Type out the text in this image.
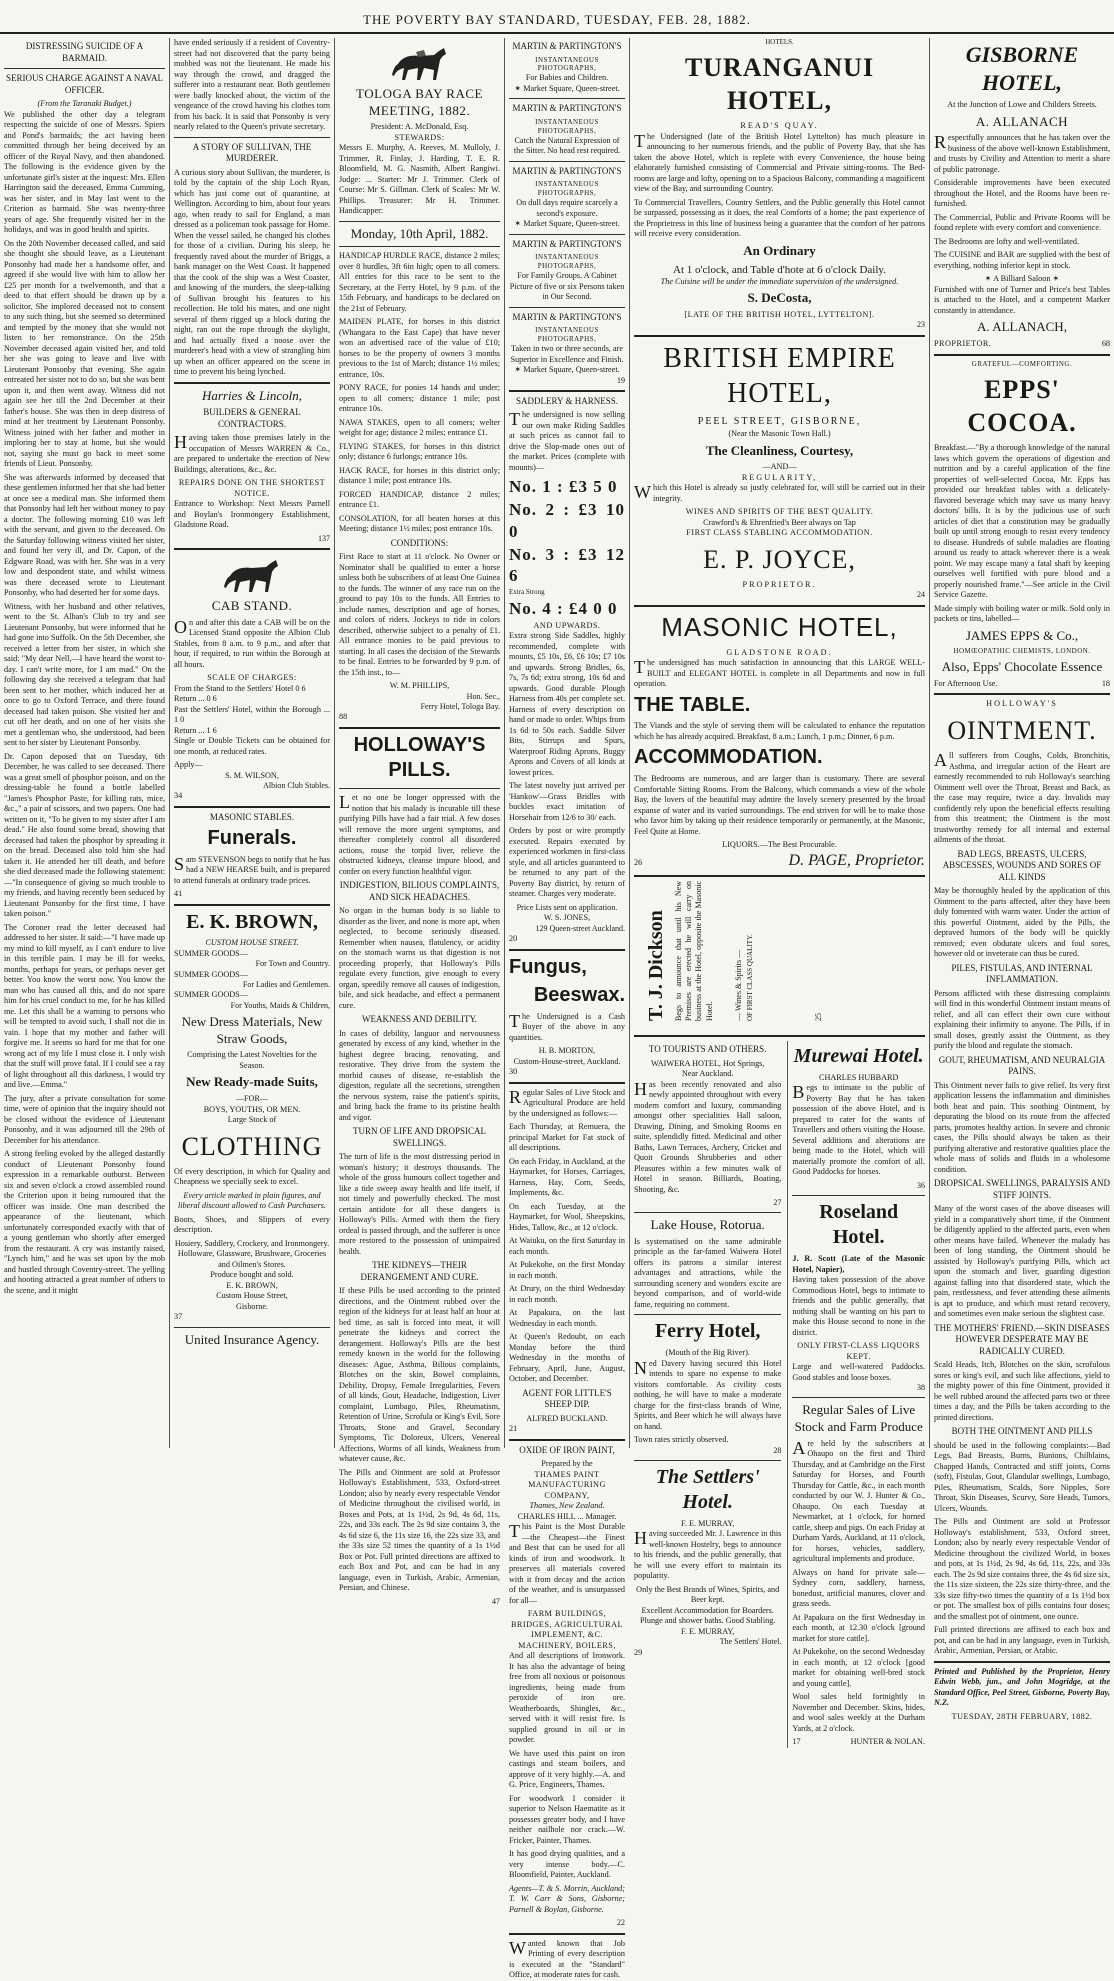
THE POVERTY BAY STANDARD, TUESDAY, FEB. 28, 1882.
DISTRESSING SUICIDE OF A BARMAID.
SERIOUS CHARGE AGAINST A NAVAL OFFICER.
(From the Taranaki Budget.)

We published the other day a telegram respecting the suicide of one of Messrs. Spiers and Pond's barmaids; the act having been committed through her being deceived by an officer of the Royal Navy, and then abandoned. The following is the evidence given by the unfortunate girl's sister at the inquest: Mrs. Ellen Harrington said the deceased, Emma Cumming, was her sister, and in May last went to the Criterion as barmaid. She was twenty-three years of age. She frequently visited her in the holidays, and was in good health and spirits.

On the 20th November deceased called, and said she thought she should leave, as a Lieutenant Ponsonby had made her a handsome offer, and agreed if she would live with him to allow her £25 per month for a twelvemonth, and that a deed to that effect should be drawn up by a solicitor. She implored deceased not to consent to any such thing, but she seemed so determined and tempted by the money that she would not listen to her remonstrance. On the 25th November deceased again visited her, and told her she was going to leave and live with Lieutenant Ponsonby that evening. She again entreated her sister not to do so, but she was bent upon it, and then went away. Witness did not again see her till the 2nd December at their father's house. She was then in deep distress of mind at her treatment by Lieutenant Ponsonby. Witness joined with her father and mother in imploring her to stay at home, but she would not, saying she must go back to meet some friends of Lieut. Ponsonby.

She was afterwards informed by deceased that these gentlemen informed her that she had better at once see a medical man. She informed them that Ponsonby had left her without money to pay a doctor. The following morning £10 was left with the servant, and given to the deceased. On the Saturday following witness visited her sister, and found her very ill, and Dr. Capon, of the Edgware Road, was with her. She was in a very low and despondent state, and whilst witness was there deceased wrote to Lieutenant Ponsonby, who had deserted her for some days.

Witness, with her husband and other relatives, went to the St. Alban's Club to try and see Lieutenant Ponsonby, but were informed that he had gone into Suffolk. On the 5th December, she received a letter from her sister, in which she said: "My dear Nell,—I have heard the worst to-day. I can't write more, for I am mad." On the following day she received a telegram that had been sent to her mother, which induced her at once to go to Oxford Terrace, and there found deceased had taken poison. She visited her and cut off her death, and on one of her visits she met a gentleman who, she understood, had been sent to her sister by Lieutenant Ponsonby.

Dr. Capon deposed that on Tuesday, 6th December, he was called to see deceased. There was a great smell of phosphor poison, and on the dressing-table he found a bottle labelled "James's Phosphor Paste, for killing rats, mice, &c.," a pair of scissors, and two papers. One had written on it, "To be given to my sister after I am dead." He also found some bread, showing that deceased had taken the phosphor by spreading it on the bread. Deceased also told him she had taken it. He attended her till death, and before she died deceased made the following statement:—"In consequence of giving so much trouble to my friends, and having recently been seduced by Lieutenant Ponsonby for the first time, I have taken poison."

The Coroner read the letter deceased had addressed to her sister. It said:—"I have made up my mind to kill myself, as I can't endure to live in this terrible pain. I may be ill for weeks, months, perhaps for years, or perhaps never get better. You know the worst now. You know the man who has caused all this, and do not spare him for his cruel conduct to me, for he has killed me. Let this shall be a warning to persons who will be tempted to avoid such, I shall not die in vain. I hope that my mother and father will forgive me. It seems so hard for me that for one wrong act of my life I must close it. I only wish that the stuff will prove fatal. If I could see a ray of light throughout all this darkness, I would try and live.—Emma."

The jury, after a private consultation for some time, were of opinion that the inquiry should not be closed without the evidence of Lieutenant Ponsonby, and it was adjourned till the 29th of December for his attendance.

A strong feeling evoked by the alleged dastardly conduct of Lieutenant Ponsonby found expression in a remarkable outburst. Between six and seven o'clock a crowd assembled round the Criterion upon it being rumoured that the officer was inside. One man described the appearance of the lieutenant, which unfortunately corresponded exactly with that of a young gentleman who shortly after emerged from the restaurant. A cry was instantly raised, "Lynch him," and he was set upon by the mob and hustled through Coventry-street. The yelling and hooting attracted a great number of others to the scene, and it might

have ended seriously if a resident of Coventry-street had not discovered that the party being mobbed was not the lieutenant. He made his way through the crowd, and dragged the sufferer into a restaurant near. Both gentlemen were badly knocked about, the victim of the vengeance of the crowd having his clothes torn from his back. It is said that Ponsonby is very nearly related to the Queen's private secretary.

A STORY OF SULLIVAN, THE MURDERER.

A curious story about Sullivan, the murderer, is told by the captain of the ship Loch Ryan, which has just come out of quarantine, at Wellington. According to him, about four years ago, when ready to sail for England, a man dressed as a policeman took passage for Home. When the vessel sailed, he changed his clothes for those of a civilian. During his sleep, he frequently raved about the murder of Briggs, a bank manager on the West Coast. It happened that the cook of the ship was a West Coaster, and knowing of the murders, the sleep-talking of Sullivan brought his features to his recollection. He told his mates, and one night several of them rigged up a block during the night, ran out the rope through the skylight, and had actually fixed a noose over the murderer's head with a view of strangling him up when an officer appeared on the scene in time to prevent his being lynched.

Harries & Lincoln,
BUILDERS & GENERAL CONTRACTORS.

Having taken those premises lately in the occupation of Messrs WARREN & Co., are prepared to undertake the erection of New Buildings, alterations, &c., &c.

REPAIRS DONE ON THE SHORTEST NOTICE.

Entrance to Workshop: Next Messrs Parnell and Boylan's Ironmongery Establishment, Gladstone Road.

137
CAB STAND.

On and after this date a CAB will be on the Licensed Stand opposite the Albion Club Stables, from 8 a.m. to 9 p.m., and after that hour, if required, to run within the Borough at all hours.

SCALE OF CHARGES:
From the Stand to the Settlers' Hotel 0 6
Return ... 0 6
Past the Settlers' Hotel, within the Borough ... 1 0
Return ... 1 6

Single or Double Tickets can be obtained for one month, at reduced rates.

Apply—
S. M. WILSON,
Albion Club Stables.
34
MASONIC STABLES.
Funerals.

Sam STEVENSON begs to notify that he has had a NEW HEARSE built, and is prepared to attend funerals at ordinary trade prices.

41
E. K. BROWN,
CUSTOM HOUSE STREET.
SUMMER GOODS—
For Town and Country.
SUMMER GOODS—
For Ladies and Gentlemen.
SUMMER GOODS—
For Youths, Maids & Children,
New Dress Materials, New Straw Goods,
Comprising the Latest Novelties for the Season.
New Ready-made Suits,
—FOR—
BOYS, YOUTHS, OR MEN.
Large Stock of
CLOTHING

Of every description, in which for Quality and Cheapness we specially seek to excel.

Every article marked in plain figures, and liberal discount allowed to Cash Purchasers.

Boots, Shoes, and Slippers of every description.

Hosiery, Saddlery, Crockery, and Ironmongery.
Holloware, Glassware, Brushware, Groceries and Oilmen's Stores.
Produce bought and sold.
E. K. BROWN,
Custom House Street,
Gisborne.
37
United Insurance Agency.
TOLOGA BAY RACE MEETING, 1882.
President: A. McDonald, Esq.
STEWARDS:

Messrs E. Murphy, A. Reeves, M. Mulloly, J. Trimmer, R. Finlay, J. Harding, T. E. R. Bloomfield, M. G. Nasmith, Albert Rangiwi. Judge: ... Starter: Mr J. Trimmer. Clerk of Course: Mr S. Gillman. Clerk of Scales: Mr W. Phillips. Treasurer: Mr H. Trimmer. Handicapper:

Monday, 10th April, 1882.

HANDICAP HURDLE RACE, distance 2 miles; over 8 hurdles, 3ft 6in high; open to all comers. All entries for this race to be sent to the Secretary, at the Ferry Hotel, by 9 p.m. of the 15th February, and handicaps to be declared on the 21st of February.

MAIDEN PLATE, for horses in this district (Whangara to the East Cape) that have never won an advertised race of the value of £10; horses to be the property of owners 3 months previous to the 1st of March; distance 1½ miles; entrance, 10s.

PONY RACE, for ponies 14 hands and under; open to all comers; distance 1 mile; post entrance 10s.

NAWA STAKES, open to all comers; welter weight for age; distance 2 miles; entrance £1.

FLYING STAKES, for horses in this district only; distance 6 furlongs; entrance 10s.

HACK RACE, for horses in this district only; distance 1 mile; post entrance 10s.

FORCED HANDICAP, distance 2 miles; entrance £1.

CONSOLATION, for all beaten horses at this Meeting; distance 1½ miles; post entrance 10s.

CONDITIONS:

First Race to start at 11 o'clock. No Owner or Nominator shall be qualified to enter a horse unless both be subscribers of at least One Guinea to the funds. The winner of any race run on the ground to pay 10s to the funds. All Entries to include names, description and age of horses, and colors of riders. Jockeys to ride in colors described, otherwise subject to a penalty of £1. All entrance monies to be paid previous to starting. In all cases the decision of the Stewards to be final. Entries to be forwarded by 9 p.m. of the 15th inst., to—

W. M. PHILLIPS,
Hon. Sec.,
Ferry Hotel, Tologa Bay.
88
HOLLOWAY'S PILLS.

Let no one be longer oppressed with the notion that his malady is incurable till these purifying Pills have had a fair trial. A few doses will remove the more urgent symptoms, and thereafter completely control all disordered actions, rouse the torpid liver, relieve the obstructed kidneys, cleanse impure blood, and confer on every function healthful vigor.

INDIGESTION, BILIOUS COMPLAINTS, AND SICK HEADACHES.

No organ in the human body is so liable to disorder as the liver, and none is more apt, when neglected, to become seriously diseased. Remember when nausea, flatulency, or acidity on the stomach warns us that digestion is not proceeding properly, that Holloway's Pills regulate every function, give enough to every organ, speedily remove all causes of indigestion, bile, and sick headache, and effect a permanent cure.

WEAKNESS AND DEBILITY.

In cases of debility, languor and nervousness generated by excess of any kind, whether in the highest degree bracing, renovating, and restorative. They drive from the system the morbid causes of disease, re-establish the digestion, regulate all the secretions, strengthen the nervous system, raise the patient's spirits, and bring back the frame to its pristine health and vigor.

TURN OF LIFE AND DROPSICAL SWELLINGS.

The turn of life is the most distressing period in woman's history; it destroys thousands. The whole of the gross humours collect together and like a tide sweep away health and life itself, if not timely and powerfully checked. The most certain antidote for all these dangers is Holloway's Pills. Armed with them the fiery ordeal is passed through, and the sufferer is once more restored to the possession of unimpaired health.

THE KIDNEYS—THEIR DERANGEMENT AND CURE.

If these Pills be used according to the printed directions, and the Ointment rubbed over the region of the kidneys for at least half an hour at bed time, as salt is forced into meat, it will penetrate the kidneys and correct the derangement. Holloway's Pills are the best remedy known in the world for the following diseases: Ague, Asthma, Bilious complaints, Blotches on the skin, Bowel complaints, Debility, Dropsy, Female Irregularities, Fevers of all kinds, Gout, Headache, Indigestion, Liver complaint, Lumbago, Piles, Rheumatism, Retention of Urine, Scrofula or King's Evil, Sore Throats, Stone and Gravel, Secondary Symptoms, Tic Doloreux, Ulcers, Venereal Affections, Worms of all kinds, Weakness from whatever cause, &c.

The Pills and Ointment are sold at Professor Holloway's Establishment, 533, Oxford-street London; also by nearly every respectable Vendor of Medicine throughout the civilised world, in Boxes and Pots, at 1s 1½d, 2s 9d, 4s 6d, 11s, 22s, and 33s each. The 2s 9d size contains 3, the 4s 6d size 6, the 11s size 16, the 22s size 33, and the 33s size 52 times the quantity of a 1s 1½d Box or Pot. Full printed directions are affixed to each Box and Pot, and can be had in any language, even in Turkish, Arabic, Armenian, Persian, and Chinese.

47
MARTIN & PARTINGTON'S
INSTANTANEOUS PHOTOGRAPHS,
For Babies and Children.
✶ Market Square, Queen-street.
MARTIN & PARTINGTON'S
INSTANTANEOUS PHOTOGRAPHS,
Catch the Natural Expression of the Sitter. No head rest required.
MARTIN & PARTINGTON'S
INSTANTANEOUS PHOTOGRAPHS,
On dull days require scarcely a second's exposure.
✶ Market Square, Queen-street.
MARTIN & PARTINGTON'S
INSTANTANEOUS PHOTOGRAPHS,
For Family Groups. A Cabinet Picture of five or six Persons taken in Our Second.
MARTIN & PARTINGTON'S
INSTANTANEOUS PHOTOGRAPHS,
Taken in two or three seconds, are Superior in Excellence and Finish.
✶ Market Square, Queen-street.
19
SADDLERY & HARNESS.

The undersigned is now selling our own make Riding Saddles at such prices as cannot fail to drive the Slop-made ones out of the market. Prices (complete with mounts)—

No. 1 : £3 5 0
No. 2 : £3 10 0
No. 3 : £3 12 6
Extra Strong
No. 4 : £4 0 0
AND UPWARDS.

Extra strong Side Saddles, highly recommended, complete with mounts, £5 10s, £6, £6 10s; £7 10s and upwards. Strong Bridles, 6s, 7s, 7s 6d; extra strong, 10s 6d and upwards. Good durable Plough Harness from 40s per complete set. Harness of every description on hand or made to order. Whips from 1s 6d to 50s each. Saddle Silver Bits, Stirrups and Spurs, Waterproof Riding Aprons, Buggy Aprons and Covers of all kinds at lowest prices.

The latest novelty just arrived per 'Hankow'—Grass Bridles with buckles exact imitation of Horsehair from 12/6 to 30/ each.

Orders by post or wire promptly executed. Repairs executed by experienced workmen in first-class style, and all articles guaranteed to be returned to any part of the Poverty Bay district, by return of steamer. Charges very moderate.

Price Lists sent on application.
W. S. JONES,
129 Queen-street Auckland.
20
Fungus,
Beeswax.

The Undersigned is a Cash Buyer of the above in any quantities.

H. B. MORTON,
Custom-House-street, Auckland.
30

Regular Sales of Live Stock and Agricultural Produce are held by the undersigned as follows:—

Each Thursday, at Remuera, the principal Market for Fat stock of all descriptions.

On each Friday, in Auckland, at the Haymarket, for Horses, Carriages, Harness, Hay, Corn, Seeds, Implements, &c.

On each Tuesday, at the Haymarket, for Wool, Sheepskins, Hides, Tallow, &c., at 12 o'clock.

At Waiuku, on the first Saturday in each month.

At Pukekohe, on the first Monday in each month.

At Drury, on the third Wednesday in each month.

At Papakura, on the last Wednesday in each month.

At Queen's Redoubt, on each Monday before the third Wednesday in the months of February, April, June, August, October, and December.

AGENT FOR LITTLE'S SHEEP DIP.
ALFRED BUCKLAND.
21
OXIDE OF IRON PAINT,
Prepared by the
THAMES PAINT MANUFACTURING COMPANY,
Thames, New Zealand.
CHARLES HILL ... Manager.

This Paint is the Most Durable—the Cheapest—the Finest and Best that can be used for all kinds of iron and woodwork. It preserves all materials covered with it from decay and the action of the weather, and is unsurpassed for all—

FARM BUILDINGS, BRIDGES, AGRICULTURAL IMPLEMENT, &C. MACHINERY, BOILERS,

And all descriptions of Ironwork. It has also the advantage of being free from all noxious or poisonous ingredients, being made from peroxide of iron ore. Weatherboards, Shingles, &c., served with it will resist fire. Is supplied ground in oil or in powder.

We have used this paint on iron castings and steam boilers, and approve of it very highly.—A. and G. Price, Engineers, Thames.

For woodwork I consider it superior to Nelson Haematite as it possesses greater body, and I have neither nailhole nor crack.—W. Fricker, Painter, Thames.

It has good drying qualities, and a very intense body.—C. Bloomfield, Painter, Auckland.

Agents—T. & S. Morrin, Auckland; T. W. Carr & Sons, Gisborne; Parnell & Boylan, Gisborne.

22

Wanted known that Job Printing of every description is executed at the "Standard" Office, at moderate rates for cash.

HOTELS.
TURANGANUI HOTEL,
READ'S QUAY.

The Undersigned (late of the British Hotel Lyttelton) has much pleasure in announcing to her numerous friends, and the public of Poverty Bay, that she has taken the above Hotel, which is replete with every Convenience, the house being elaborately furnished consisting of Commercial and Private sitting-rooms. The Bed-rooms are large and lofty, opening on to a Spacious Balcony, commanding a magnificent view of the Bay, and surrounding Country.

To Commercial Travellers, Country Settlers, and the Public generally this Hotel cannot be surpassed, possessing as it does, the real Comforts of a home; the past experience of the Proprietress in this line of business being a guarantee that the comfort of her patrons will receive every consideration.

An Ordinary
At 1 o'clock, and Table d'hote at 6 o'clock Daily.
The Cuisine will be under the immediate supervision of the undersigned.
S. DeCosta,
[LATE OF THE BRITISH HOTEL, LYTTELTON].
23
BRITISH EMPIRE HOTEL,
PEEL STREET, GISBORNE,
(Near the Masonic Town Hall.)
The Cleanliness, Courtesy,
—AND—
REGULARITY,

Which this Hotel is already so justly celebrated for, will still be carried out in their integrity.

WINES AND SPIRITS OF THE BEST QUALITY.
Crawford's & Ehrenfried's Beer always on Tap
FIRST CLASS STABLING ACCOMMODATION.
E. P. JOYCE,
PROPRIETOR.
24
MASONIC HOTEL,
GLADSTONE ROAD.

The undersigned has much satisfaction in announcing that this LARGE WELL-BUILT and ELEGANT HOTEL is complete in all Departments and now in full operation.

THE TABLE.

The Viands and the style of serving them will be calculated to enhance the reputation which he has already acquired. Breakfast, 8 a.m.; Lunch, 1 p.m.; Dinner, 6 p.m.

ACCOMMODATION.

The Bedrooms are numerous, and are larger than is customary. There are several Comfortable Sitting Rooms. From the Balcony, which commands a view of the whole Bay, the lovers of the beautiful may admire the lovely scenery presented by the broad expanse of water and its varied surroundings. The end striven for will be to make those who favor him by taking up their residence temporarily or permanently, at the Masonic, Feel Quite at Home.

LIQUORS.—The Best Procurable.
26	D. PAGE, Proprietor.
T. J. Dickson Begs to announce that until his New Premises are erected he will carry on business at the Hotel, opposite the Masonic Hotel.	— Wines & Spirits — OF FIRST CLASS QUALITY.	25
TO TOURISTS AND OTHERS.
WAIWERA HOTEL, Hot Springs,
Near Auckland.

Has been recently renovated and also newly appointed throughout with every modern comfort and luxury, commanding amongst other specialities Hall saloon, Drawing, Dining, and Smoking Rooms en suite, splendidly fitted. Medicinal and other Baths, Lawn Terraces, Archery, Cricket and Quoit Grounds Shrubberies and other Pleasures within a few minutes walk of Hotel in season. Billiards, Boating, Shooting, &c.

27
Lake House, Rotorua.

Is systematised on the same admirable principle as the far-famed Waiwera Hotel offers its patrons a similar interest advantages and attractions, while the surrounding scenery and wonders excite are beyond comparison, and of world-wide fame, requiring no comment.

Ferry Hotel,
(Mouth of the Big River).

Ned Davery having secured this Hotel intends to spare no expense to make visitors comfortable. As civility costs nothing, he will have to make a moderate charge for the first-class brands of Wine, Spirits, and Beer which he will always have on hand.

Town rates strictly observed.
28
The Settlers' Hotel.
F. E. MURRAY,

Having succeeded Mr. J. Lawrence in this well-known Hostelry, begs to announce to his friends, and the public generally, that he will use every effort to maintain its popularity.

Only the Best Brands of Wines, Spirits, and Beer kept.
Excellent Accommodation for Boarders.
Plunge and shower baths. Good Stabling.
F. E. MURRAY,
The Settlers' Hotel.
29
Murewai Hotel.
CHARLES HUBBARD

Begs to intimate to the public of Poverty Bay that he has taken possession of the above Hotel, and is prepared to cater for the wants of Travellers and others visiting the House. Several additions and alterations are being made to the Hotel, which will materially promote the comfort of all. Good Paddocks for horses.

36
Roseland Hotel.
J. R. Scott (Late of the Masonic Hotel, Napier),

Having taken possession of the above Commodious Hotel, begs to intimate to friends and the public generally, that nothing shall be wanting on his part to make this House second to none in the district.

ONLY FIRST-CLASS LIQUORS KEPT.
Large and well-watered Paddocks. Good stables and loose boxes.
38
Regular Sales of Live Stock and Farm Produce

Are held by the subscribers at Ohaupo on the first and Third Thursday, and at Cambridge on the First Saturday for Horses, and Fourth Thursday for Cattle, &c., in each month conducted by our W. J. Hunter & Co., Ohaupo. On each Tuesday at Newmarket, at 1 o'clock, for horned cattle, sheep and pigs. On each Friday at Durham Yards, Auckland, at 11 o'clock, for horses, vehicles, saddlery, agricultural implements and produce.

Always on hand for private sale—Sydney corn, saddlery, harness, bonedust, artificial manures, clover and grass seeds.

At Papakura on the first Wednesday in each month, at 12.30 o'clock [ground market for store cattle].

At Pukekohe, on the second Wednesday in each month, at 12 o'clock [good market for obtaining well-bred stock and young cattle].

Wool sales held fortnightly in November and December. Skins, hides, and wool sales weekly at the Durham Yards, at 2 o'clock.

17	HUNTER & NOLAN.
GISBORNE HOTEL,
At the Junction of Lowe and Childers Streets.
A. ALLANACH

Respectfully announces that he has taken over the business of the above well-known Establishment, and trusts by Civility and Attention to merit a share of public patronage.

Considerable improvements have been executed throughout the Hotel, and the Rooms have been re-furnished.

The Commercial, Public and Private Rooms will be found replete with every comfort and convenience.

The Bedrooms are lofty and well-ventilated.

The CUISINE and BAR are supplied with the best of everything, nothing inferior kept in stock.

✶ A Billiard Saloon ✶

Furnished with one of Turner and Price's best Tables is attached to the Hotel, and a competent Marker constantly in attendance.

A. ALLANACH,
PROPRIETOR.	68
GRATEFUL—COMFORTING.
EPPS' COCOA.

Breakfast.—"By a thorough knowledge of the natural laws which govern the operations of digestion and nutrition and by a careful application of the fine properties of well-selected Cocoa, Mr. Epps has provided our breakfast tables with a delicately-flavored beverage which may save us many heavy doctors' bills. It is by the judicious use of such articles of diet that a constitution may be gradually built up until strong enough to resist every tendency to disease. Hundreds of subtle maladies are floating around us ready to attack wherever there is a weak point. We may escape many a fatal shaft by keeping ourselves well fortified with pure blood and a properly nourished frame."—See article in the Civil Service Gazette.

Made simply with boiling water or milk. Sold only in packets or tins, labelled—

JAMES EPPS & Co.,
HOMŒOPATHIC CHEMISTS, LONDON.
Also, Epps' Chocolate Essence
For Afternoon Use.	18
HOLLOWAY'S
OINTMENT.

All sufferers from Coughs, Colds, Bronchitis, Asthma, and irregular action of the Heart are earnestly recommended to rub Holloway's searching Ointment well over the Throat, Breast and Back, as the case may require, twice a day. Invalids may confidently rely upon the beneficial effects resulting from this treatment; the Ointment is the most trustworthy remedy for all internal and external ailments of the throat.

BAD LEGS, BREASTS, ULCERS, ABSCESSES, WOUNDS AND SORES OF ALL KINDS

May be thoroughly healed by the application of this Ointment to the parts affected, after they have been duly fomented with warm water. Under the action of this powerful Ointment, aided by the Pills, the depraved humors of the body will be quickly removed; even obdurate ulcers and foul sores, however old or inveterate can thus be cured.

PILES, FISTULAS, AND INTERNAL INFLAMMATION.

Persons afflicted with these distressing complaints will find in this wonderful Ointment instant means of relief, and all can effect their own cure without explaining their infirmity to anyone. The Pills, if in small doses, greatly assist the Ointment, as they purify the blood and regulate the stomach.

GOUT, RHEUMATISM, AND NEURALGIA PAINS.

This Ointment never fails to give relief. Its very first application lessens the inflammation and diminishes both heat and pain. This soothing Ointment, by depurating the blood on its route from the affected parts, promotes healthy action. In severe and chronic cases, the Pills should always be taken as their purifying alterative and restorative qualities place the whole mass of solids and fluids in a wholesome condition.

DROPSICAL SWELLINGS, PARALYSIS AND STIFF JOINTS.

Many of the worst cases of the above diseases will yield in a comparatively short time, if the Ointment be diligently applied to the affected parts, even when other means have failed. Whenever the malady has been of long standing, the Ointment should be assisted by Holloway's purifying Pills, which act upon the stomach and liver, guarding digestion against falling into that disordered state, which the pain, restlessness, and fever attending these ailments is apt to produce, and which must retard recovery, and sometimes even make serious the slightest case.

THE MOTHERS' FRIEND.—SKIN DISEASES HOWEVER DESPERATE MAY BE RADICALLY CURED.

Scald Heads, Itch, Blotches on the skin, scrofulous sores or king's evil, and such like affections, yield to the mighty power of this fine Ointment, provided it be well rubbed around the affected parts two or three times a day, and the Pills be taken according to the printed directions.

BOTH THE OINTMENT AND PILLS

should be used in the following complaints:—Bad Legs, Bad Breasts, Burns, Bunions, Chilblains, Chapped Hands, Contracted and stiff joints, Corns (soft), Fistulas, Gout, Glandular swellings, Lumbago, Piles, Rheumatism, Scalds, Sore Nipples, Sore Throat, Skin Diseases, Scurvy, Sore Heads, Tumors, Ulcers, Wounds.

The Pills and Ointment are sold at Professor Holloway's establishment, 533, Oxford street, London; also by nearly every respectable Vendor of Medicine throughout the civilized World, in boxes and pots, at 1s 1½d, 2s 9d, 4s 6d, 11s, 22s, and 33s each. The 2s 9d size contains three, the 4s 6d size six, the 11s size sixteen, the 22s size thirty-three, and the 33s size fifty-two times the quantity of a 1s 1½d box or pot. The smallest box of pills contains four doses; and the smallest pot of ointment, one ounce.

Full printed directions are affixed to each box and pot, and can be had in any language, even in Turkish, Arabic, Armenian, Persian, or Arabic.

Printed and Published by the Proprietor, Henry Edwin Webb, jun., and John Mogridge, at the Standard Office, Peel Street, Gisborne, Poverty Bay, N.Z.

TUESDAY, 28TH FEBRUARY, 1882.
